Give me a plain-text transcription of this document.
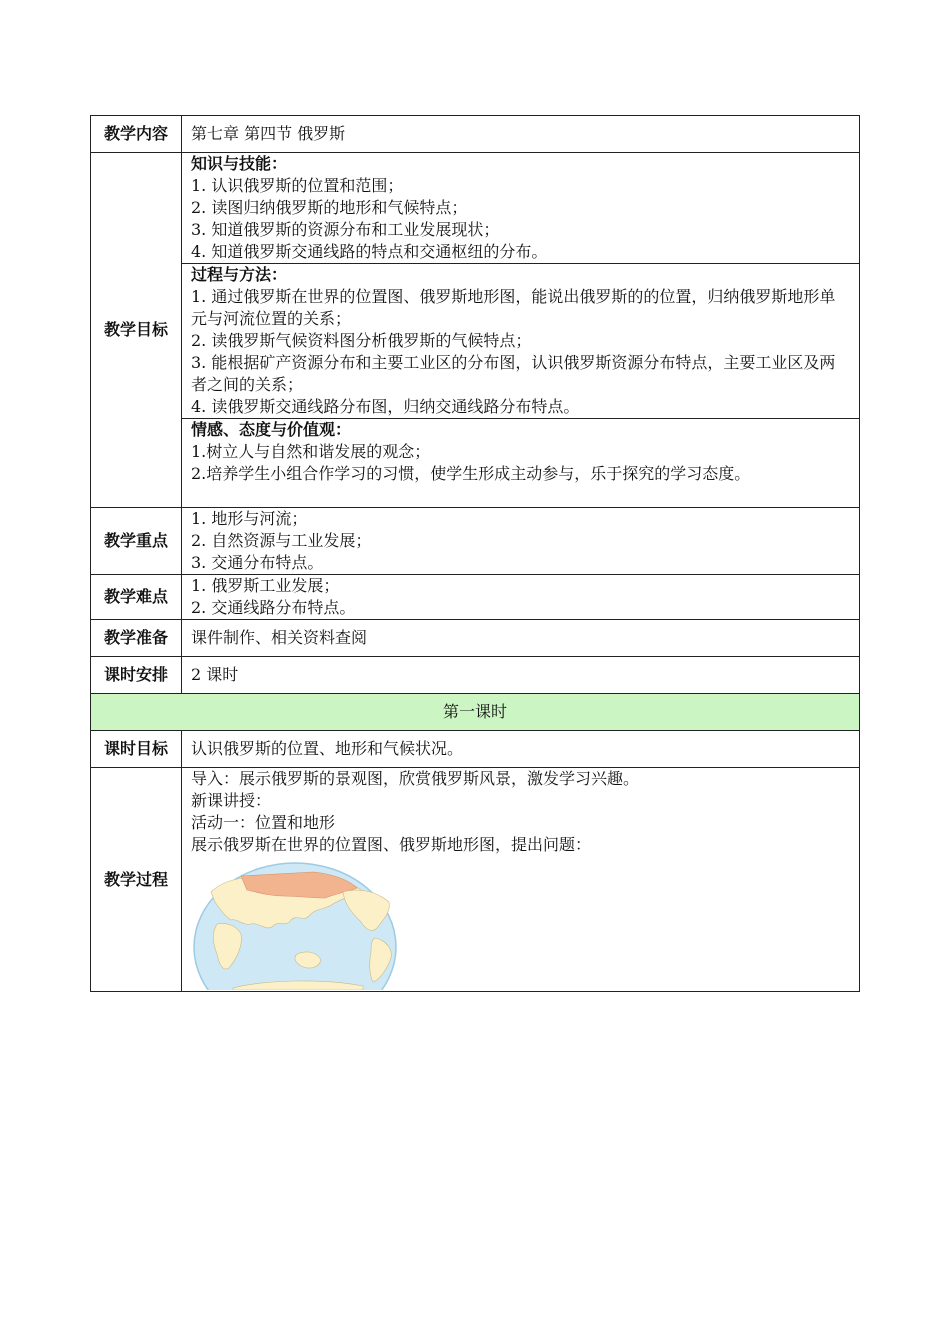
教学内容	第七章 第四节 俄罗斯
教学目标	知识与技能：
1. 认识俄罗斯的位置和范围；
2. 读图归纳俄罗斯的地形和气候特点；
3. 知道俄罗斯的资源分布和工业发展现状；
4. 知道俄罗斯交通线路的特点和交通枢纽的分布。

	过程与方法：
1. 通过俄罗斯在世界的位置图、俄罗斯地形图，能说出俄罗斯的的位置，归纳俄罗斯地形单元与河流位置的关系；
2. 读俄罗斯气候资料图分析俄罗斯的气候特点；
3. 能根据矿产资源分布和主要工业区的分布图，认识俄罗斯资源分布特点，主要工业区及两者之间的关系；
4. 读俄罗斯交通线路分布图，归纳交通线路分布特点。

	情感、态度与价值观：
1.树立人与自然和谐发展的观念；
2.培养学生小组合作学习的习惯，使学生形成主动参与，乐于探究的学习态度。

教学重点	1. 地形与河流；
2. 自然资源与工业发展；
3. 交通分布特点。

教学难点	1. 俄罗斯工业发展；
2. 交通线路分布特点。

教学准备	课件制作、相关资料查阅
课时安排	2 课时
第一课时	
课时目标	认识俄罗斯的位置、地形和气候状况。
教学过程	导入：展示俄罗斯的景观图，欣赏俄罗斯风景，激发学习兴趣。
新课讲授：
活动一：位置和地形
展示俄罗斯在世界的位置图、俄罗斯地形图，提出问题：
